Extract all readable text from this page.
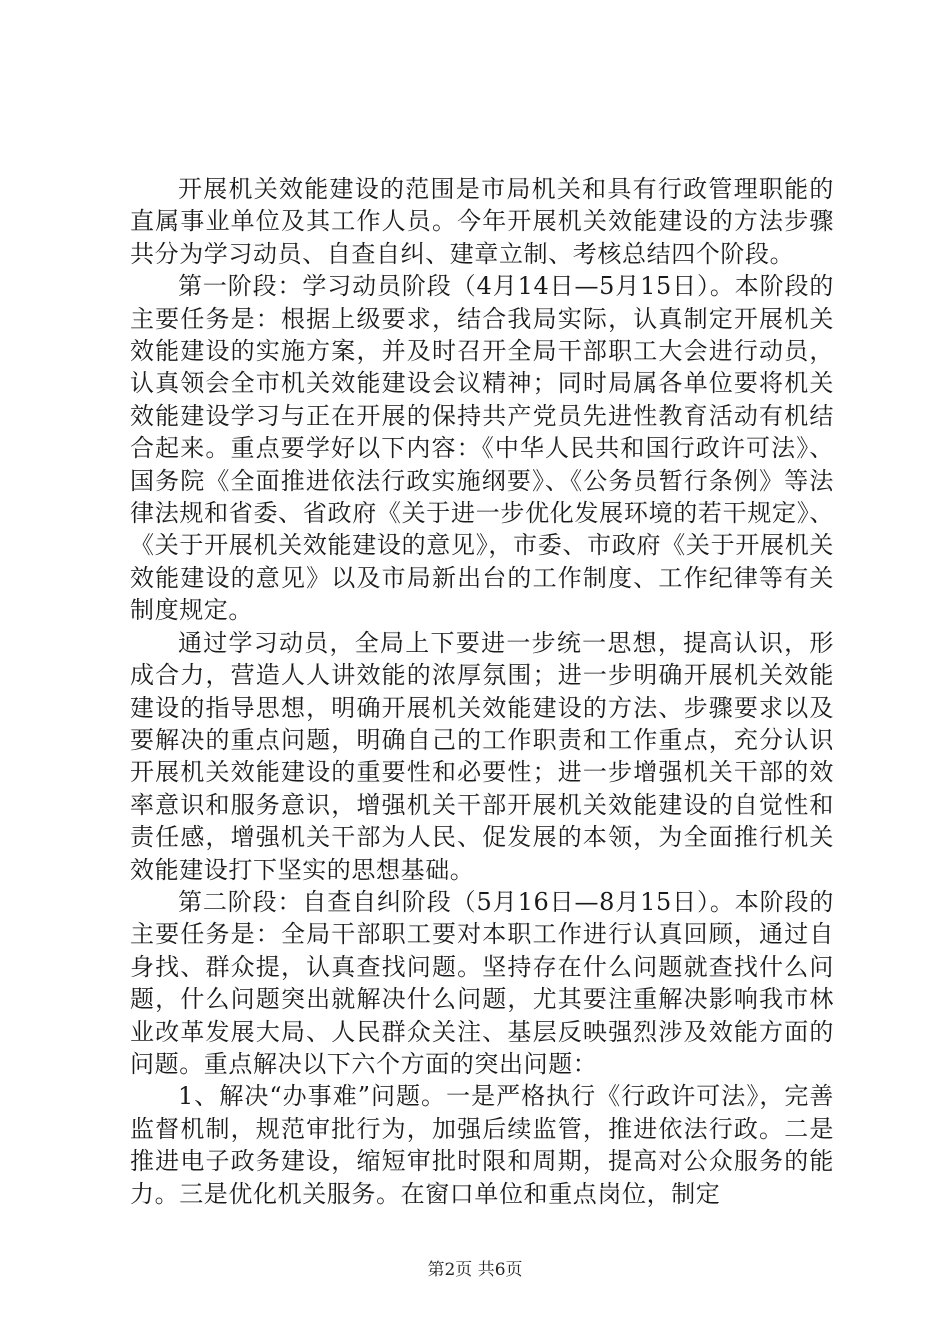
开展机关效能建设的范围是市局机关和具有行政管理职能的直属事业单位及其工作人员。今年开展机关效能建设的方法步骤共分为学习动员、自查自纠、建章立制、考核总结四个阶段。

第一阶段：学习动员阶段（4月14日—5月15日）。本阶段的主要任务是：根据上级要求，结合我局实际，认真制定开展机关效能建设的实施方案，并及时召开全局干部职工大会进行动员，认真领会全市机关效能建设会议精神；同时局属各单位要将机关效能建设学习与正在开展的保持共产党员先进性教育活动有机结合起来。重点要学好以下内容：《中华人民共和国行政许可法》、国务院《全面推进依法行政实施纲要》、《公务员暂行条例》等法律法规和省委、省政府《关于进一步优化发展环境的若干规定》、《关于开展机关效能建设的意见》，市委、市政府《关于开展机关效能建设的意见》以及市局新出台的工作制度、工作纪律等有关制度规定。

通过学习动员，全局上下要进一步统一思想，提高认识，形成合力，营造人人讲效能的浓厚氛围；进一步明确开展机关效能建设的指导思想，明确开展机关效能建设的方法、步骤要求以及要解决的重点问题，明确自己的工作职责和工作重点，充分认识开展机关效能建设的重要性和必要性；进一步增强机关干部的效率意识和服务意识，增强机关干部开展机关效能建设的自觉性和责任感，增强机关干部为人民、促发展的本领，为全面推行机关效能建设打下坚实的思想基础。

第二阶段：自查自纠阶段（5月16日—8月15日）。本阶段的主要任务是：全局干部职工要对本职工作进行认真回顾，通过自身找、群众提，认真查找问题。坚持存在什么问题就查找什么问题，什么问题突出就解决什么问题，尤其要注重解决影响我市林业改革发展大局、人民群众关注、基层反映强烈涉及效能方面的问题。重点解决以下六个方面的突出问题：

1、解决“办事难”问题。一是严格执行《行政许可法》，完善监督机制，规范审批行为，加强后续监管，推进依法行政。二是推进电子政务建设，缩短审批时限和周期，提高对公众服务的能力。三是优化机关服务。在窗口单位和重点岗位，制定

第2页 共6页
